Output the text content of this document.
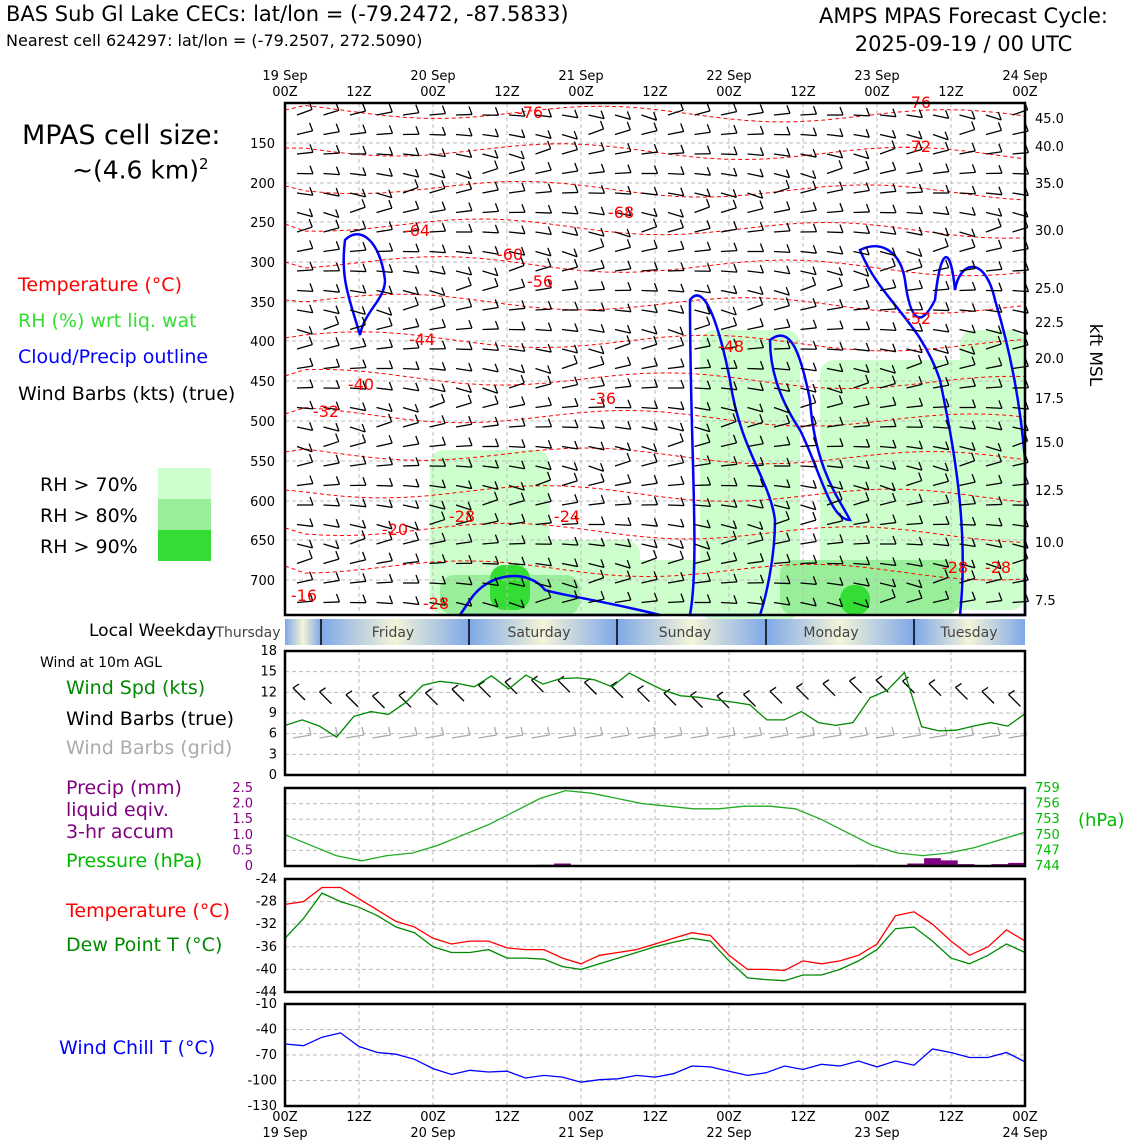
BAS Sub Gl Lake CECs: lat/lon = (-79.2472, -87.5833)
Nearest cell 624297: lat/lon = (-79.2507, 272.5090)
AMPS MPAS Forecast Cycle:
2025-09-19 / 00 UTC
MPAS cell size:
~(4.6 km)$^2$
Temperature (°C)
RH (%) wrt liq. wat
Cloud/Precip outline
Wind Barbs (kts) (true)
RH > 70%
RH > 80%
RH > 90%
Local Weekday
Wind at 10m AGL
Wind Spd (kts)
Wind Barbs (true)
Wind Barbs (grid)
Precip (mm)
liquid eqiv.
3-hr accum
Pressure (hPa)
Temperature (°C)
Dew Point T (°C)
Wind Chill T (°C)
-76
-76
-72
-68
-64
-60
-56
-52
-48
-44
-40
-36
-32
-28 -28
-28	-24
-20
-16	-28
150
200
250
300
350
400
450
500
550
600
650
700
45.0
40.0
35.0
30.0
25.0
22.5
20.0
17.5
15.0
12.5
10.0
7.5
kft MSL
19 Sep
00Z	12Z
20 Sep
00Z	12Z
21 Sep
00Z	12Z
22 Sep
00Z	12Z
23 Sep
00Z	12Z
24 Sep
00Z
Thursday	Friday	Saturday	Sunday	Monday	Tuesday
0
3
6
9
12
15
18
0
0.5
1.0
1.5
2.0
2.5
744
747
750
753
756
759
(hPa)
-44
-40
-36
-32
-28
-24
-130
-100
-70
-40
-10
00Z
19 Sep
12Z	00Z
20 Sep
12Z	00Z
21 Sep
12Z	00Z
22 Sep
12Z	00Z
23 Sep
12Z	00Z
24 Sep
